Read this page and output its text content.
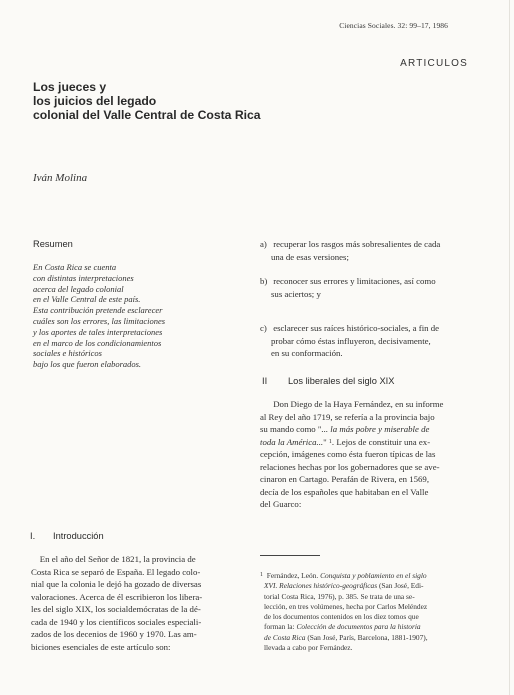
Ciencias Sociales. 32: 99–17, 1986
ARTICULOS
Los jueces y
los juicios del legado
colonial del Valle Central de Costa Rica
Iván Molina
Resumen
En Costa Rica se cuenta
con distintas interpretaciones
acerca del legado colonial
en el Valle Central de este país.
Esta contribución pretende esclarecer
cuáles son los errores, las limitaciones
y los aportes de tales interpretaciones
en el marco de los condicionamientos
sociales e históricos
bajo los que fueron elaborados.
I. Introducción
En el año del Señor de 1821, la provincia de
Costa Rica se separó de España. El legado colo-
nial que la colonia le dejó ha gozado de diversas
valoraciones. Acerca de él escribieron los libera-
les del siglo XIX, los socialdemócratas de la dé-
cada de 1940 y los científicos sociales especiali-
zados de los decenios de 1960 y 1970. Las am-
biciones esenciales de este artículo son:
a) recuperar los rasgos más sobresalientes de cada
una de esas versiones;
b) reconocer sus errores y limitaciones, así como
sus aciertos; y
c) esclarecer sus raíces histórico-sociales, a fin de
probar cómo éstas influyeron, decisivamente,
en su conformación.
II Los liberales del siglo XIX
Don Diego de la Haya Fernández, en su informe
al Rey del año 1719, se refería a la provincia bajo
su mando como "... la más pobre y miserable de
toda la América..." $^1$. Lejos de constituir una ex-
cepción, imágenes como ésta fueron típicas de las
relaciones hechas por los gobernadores que se ave-
cinaron en Cartago. Perafán de Rivera, en 1569,
decía de los españoles que habitaban en el Valle
del Guarco:
$^1$ Fernández, León. Conquista y poblamiento en el siglo
XVI. Relaciones histórico-geográficas (San José, Edi-
torial Costa Rica, 1976), p. 385. Se trata de una se-
lección, en tres volúmenes, hecha por Carlos Meléndez
de los documentos contenidos en los diez tomos que
forman la: Colección de documentos para la historia
de Costa Rica (San José, París, Barcelona, 1881-1907),
llevada a cabo por Fernández.
